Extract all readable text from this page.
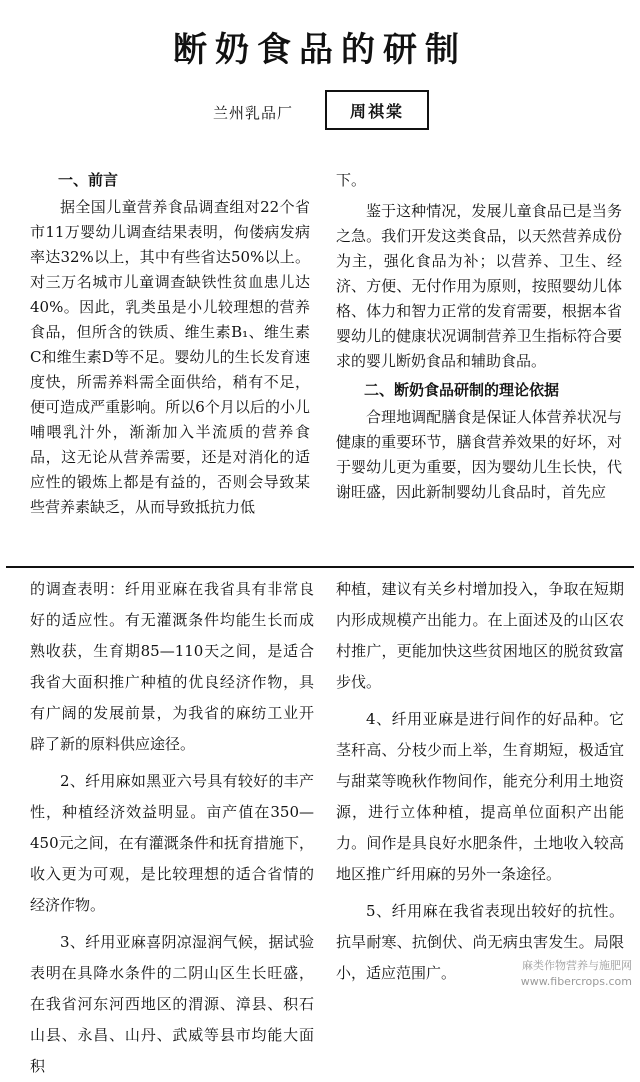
断奶食品的研制
兰州乳品厂	周祺棠
一、前言

据全国儿童营养食品调查组对22个省市11万婴幼儿调查结果表明，佝偻病发病率达32%以上，其中有些省达50%以上。对三万名城市儿童调查缺铁性贫血患儿达40%。因此，乳类虽是小儿较理想的营养食品，但所含的铁质、维生素B₁、维生素C和维生素D等不足。婴幼儿的生长发育速度快，所需养料需全面供给，稍有不足，便可造成严重影响。所以6个月以后的小儿哺喂乳汁外，渐渐加入半流质的营养食品，这无论从营养需要，还是对消化的适应性的锻炼上都是有益的，否则会导致某些营养素缺乏，从而导致抵抗力低

下。

鉴于这种情况，发展儿童食品已是当务之急。我们开发这类食品，以天然营养成份为主，强化食品为补；以营养、卫生、经济、方便、无付作用为原则，按照婴幼儿体格、体力和智力正常的发育需要，根据本省婴幼儿的健康状况调制营养卫生指标符合要求的婴儿断奶食品和辅助食品。

二、断奶食品研制的理论依据

合理地调配膳食是保证人体营养状况与健康的重要环节，膳食营养效果的好坏，对于婴幼儿更为重要，因为婴幼儿生长快，代谢旺盛，因此新制婴幼儿食品时，首先应

的调查表明：纤用亚麻在我省具有非常良好的适应性。有无灌溉条件均能生长而成熟收获，生育期85—110天之间，是适合我省大面积推广种植的优良经济作物，具有广阔的发展前景，为我省的麻纺工业开辟了新的原料供应途径。

2、纤用麻如黑亚六号具有较好的丰产性，种植经济效益明显。亩产值在350—450元之间，在有灌溉条件和抚育措施下，收入更为可观，是比较理想的适合省情的经济作物。

3、纤用亚麻喜阴凉湿润气候，据试验表明在具降水条件的二阴山区生长旺盛，在我省河东河西地区的渭源、漳县、积石山县、永昌、山丹、武威等县市均能大面积

种植，建议有关乡村增加投入，争取在短期内形成规模产出能力。在上面述及的山区农村推广，更能加快这些贫困地区的脱贫致富步伐。

4、纤用亚麻是进行间作的好品种。它茎秆高、分枝少而上举，生育期短，极适宜与甜菜等晚秋作物间作，能充分利用土地资源，进行立体种植，提高单位面积产出能力。间作是具良好水肥条件，土地收入较高地区推广纤用麻的另外一条途径。

5、纤用麻在我省表现出较好的抗性。抗旱耐寒、抗倒伏、尚无病虫害发生。局限小，适应范围广。	麻类作物营养与施肥网
www.fibercrops.com
